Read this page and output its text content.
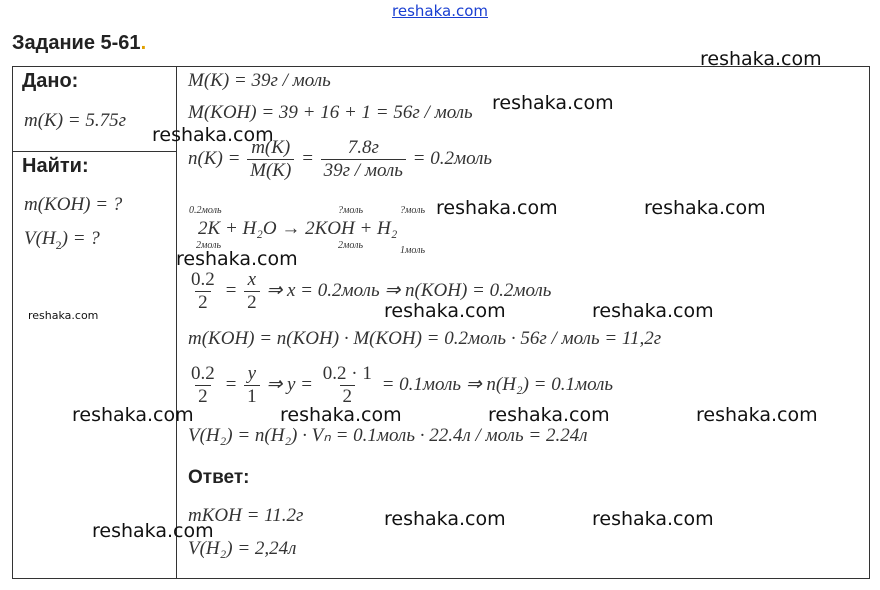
reshaka.com
Задание 5-61.
Дано:
m(K) = 5.75г
Найти:
m(KOH) = ?
$V(H_2)$ = ?
M(K) = 39г / моль
M(KOH) = 39 + 16 + 1 = 56г / моль
$n(K) = \frac{m(K)}{M(K)} = \frac{7.8г}{\text{39г / моль}}$ = 0.2моль
0.2моль	?моль	?моль
2K + H₂O → 2KOH + H₂
2моль	2моль	1моль
$\frac{0.2}{2} = \frac{x}{2}$ ⇒ x = 0.2моль ⇒ n(KOH) = 0.2моль
m(KOH) = n(KOH) · M(KOH) = 0.2моль · 56г / моль = 11,2г
$\frac{0.2}{2} = \frac{y}{1}$ ⇒ $y = \frac{0.2 \cdot 1}{2}$ = 0.1моль ⇒ n(H₂) = 0.1моль
V(H₂) = n(H₂) · Vₙ = 0.1моль · 22.4л / моль = 2.24л
Ответ:
mKOH = 11.2г
V(H₂) = 2,24л
reshaka.com
reshaka.com
reshaka.com
reshaka.com	reshaka.com
reshaka.com
reshaka.com	reshaka.com
reshaka.com
reshaka.com	reshaka.com	reshaka.com	reshaka.com
reshaka.com
reshaka.com	reshaka.com
